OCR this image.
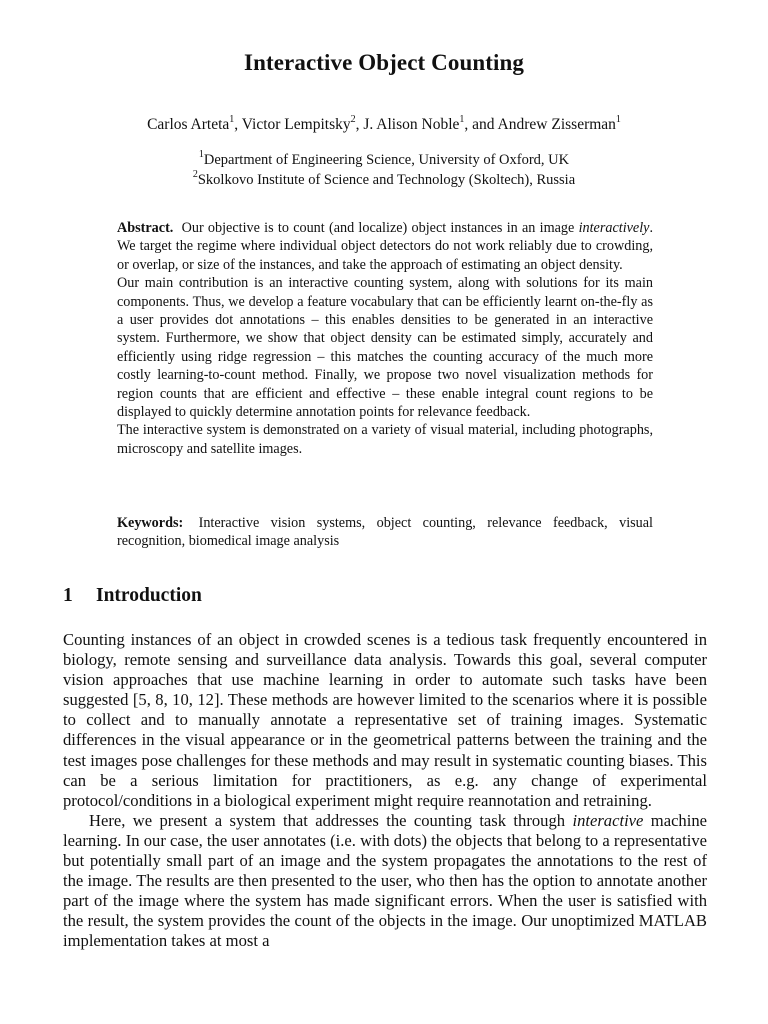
Interactive Object Counting
Carlos Arteta$^1$, Victor Lempitsky$^2$, J. Alison Noble$^1$, and Andrew Zisserman$^1$
$^1$Department of Engineering Science, University of Oxford, UK
$^2$Skolkovo Institute of Science and Technology (Skoltech), Russia

Abstract. Our objective is to count (and localize) object instances in an image interactively. We target the regime where individual object detectors do not work reliably due to crowding, or overlap, or size of the instances, and take the approach of estimating an object density.

Our main contribution is an interactive counting system, along with solutions for its main components. Thus, we develop a feature vocabulary that can be efficiently learnt on-the-fly as a user provides dot annotations – this enables densities to be generated in an interactive system. Furthermore, we show that object density can be estimated simply, accurately and efficiently using ridge regression – this matches the counting accuracy of the much more costly learning-to-count method. Finally, we propose two novel visualization methods for region counts that are efficient and effective – these enable integral count regions to be displayed to quickly determine annotation points for relevance feedback.

The interactive system is demonstrated on a variety of visual material, including photographs, microscopy and satellite images.

Keywords: Interactive vision systems, object counting, relevance feedback, visual recognition, biomedical image analysis
1 Introduction

Counting instances of an object in crowded scenes is a tedious task frequently encountered in biology, remote sensing and surveillance data analysis. Towards this goal, several computer vision approaches that use machine learning in order to automate such tasks have been suggested [5, 8, 10, 12]. These methods are however limited to the scenarios where it is possible to collect and to manually annotate a representative set of training images. Systematic differences in the visual appearance or in the geometrical patterns between the training and the test images pose challenges for these methods and may result in systematic counting biases. This can be a serious limitation for practitioners, as e.g. any change of experimental protocol/conditions in a biological experiment might require reannotation and retraining.

Here, we present a system that addresses the counting task through interactive machine learning. In our case, the user annotates (i.e. with dots) the objects that belong to a representative but potentially small part of an image and the system propagates the annotations to the rest of the image. The results are then presented to the user, who then has the option to annotate another part of the image where the system has made significant errors. When the user is satisfied with the result, the system provides the count of the objects in the image. Our unoptimized MATLAB implementation takes at most a
